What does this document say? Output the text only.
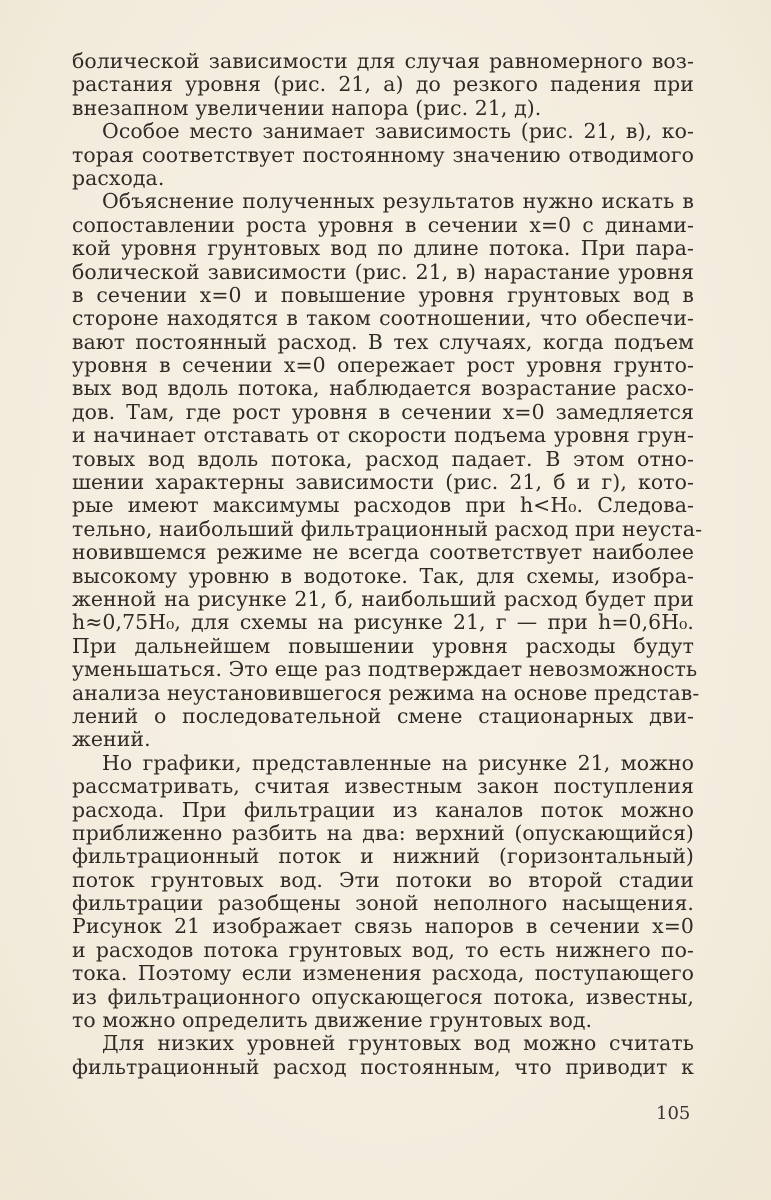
болической зависимости для случая равномерного воз-
растания уровня (рис. 21, а) до резкого падения при
внезапном увеличении напора (рис. 21, д).
Особое место занимает зависимость (рис. 21, в), ко-
торая соответствует постоянному значению отводимого
расхода.
Объяснение полученных результатов нужно искать в
сопоставлении роста уровня в сечении x=0 с динами-
кой уровня грунтовых вод по длине потока. При пара-
болической зависимости (рис. 21, в) нарастание уровня
в сечении x=0 и повышение уровня грунтовых вод в
стороне находятся в таком соотношении, что обеспечи-
вают постоянный расход. В тех случаях, когда подъем
уровня в сечении x=0 опережает рост уровня грунто-
вых вод вдоль потока, наблюдается возрастание расхо-
дов. Там, где рост уровня в сечении x=0 замедляется
и начинает отставать от скорости подъема уровня грун-
товых вод вдоль потока, расход падает. В этом отно-
шении характерны зависимости (рис. 21, б и г), кото-
рые имеют максимумы расходов при h<H₀. Следова-
тельно, наибольший фильтрационный расход при неуста-
новившемся режиме не всегда соответствует наиболее
высокому уровню в водотоке. Так, для схемы, изобра-
женной на рисунке 21, б, наибольший расход будет при
h≈0,75H₀, для схемы на рисунке 21, г — при h=0,6H₀.
При дальнейшем повышении уровня расходы будут
уменьшаться. Это еще раз подтверждает невозможность
анализа неустановившегося режима на основе представ-
лений о последовательной смене стационарных дви-
жений.
Но графики, представленные на рисунке 21, можно
рассматривать, считая известным закон поступления
расхода. При фильтрации из каналов поток можно
приближенно разбить на два: верхний (опускающийся)
фильтрационный поток и нижний (горизонтальный)
поток грунтовых вод. Эти потоки во второй стадии
фильтрации разобщены зоной неполного насыщения.
Рисунок 21 изображает связь напоров в сечении x=0
и расходов потока грунтовых вод, то есть нижнего по-
тока. Поэтому если изменения расхода, поступающего
из фильтрационного опускающегося потока, известны,
то можно определить движение грунтовых вод.
Для низких уровней грунтовых вод можно считать
фильтрационный расход постоянным, что приводит к
105
